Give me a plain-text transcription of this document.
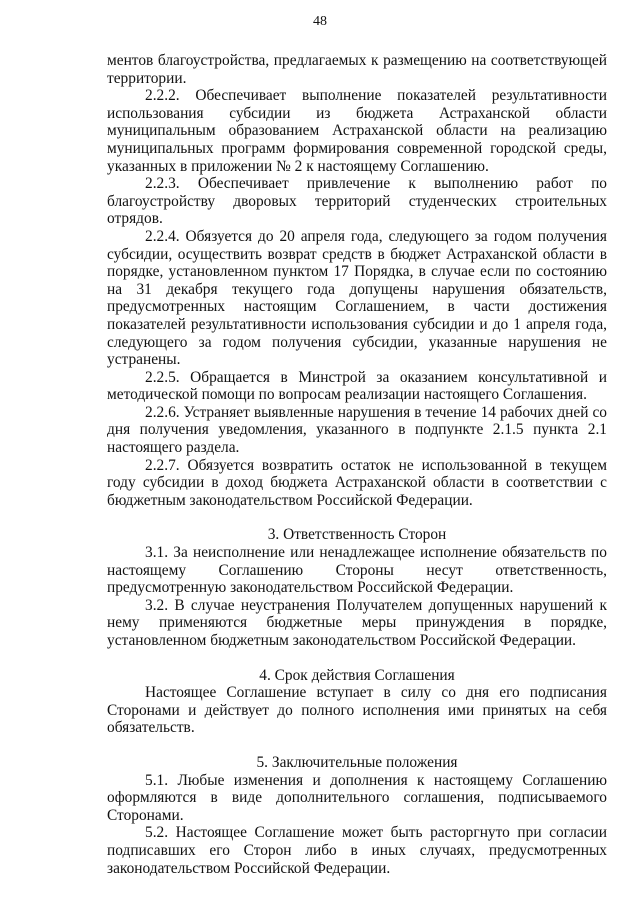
48

ментов благоустройства, предлагаемых к размещению на соответствующей территории.

2.2.2. Обеспечивает выполнение показателей результативности использования субсидии из бюджета Астраханской области муниципальным образованием Астраханской области на реализацию муниципальных программ формирования современной городской среды, указанных в приложении № 2 к настоящему Соглашению.

2.2.3. Обеспечивает привлечение к выполнению работ по благоустройству дворовых территорий студенческих строительных отрядов.

2.2.4. Обязуется до 20 апреля года, следующего за годом получения субсидии, осуществить возврат средств в бюджет Астраханской области в порядке, установленном пунктом 17 Порядка, в случае если по состоянию на 31 декабря текущего года допущены нарушения обязательств, предусмотренных настоящим Соглашением, в части достижения показателей результативности использования субсидии и до 1 апреля года, следующего за годом получения субсидии, указанные нарушения не устранены.

2.2.5. Обращается в Минстрой за оказанием консультативной и методической помощи по вопросам реализации настоящего Соглашения.

2.2.6. Устраняет выявленные нарушения в течение 14 рабочих дней со дня получения уведомления, указанного в подпункте 2.1.5 пункта 2.1 настоящего раздела.

2.2.7. Обязуется возвратить остаток не использованной в текущем году субсидии в доход бюджета Астраханской области в соответствии с бюджетным законодательством Российской Федерации.

3. Ответственность Сторон

3.1. За неисполнение или ненадлежащее исполнение обязательств по настоящему Соглашению Стороны несут ответственность, предусмотренную законодательством Российской Федерации.

3.2. В случае неустранения Получателем допущенных нарушений к нему применяются бюджетные меры принуждения в порядке, установленном бюджетным законодательством Российской Федерации.

4. Срок действия Соглашения

Настоящее Соглашение вступает в силу со дня его подписания Сторонами и действует до полного исполнения ими принятых на себя обязательств.

5. Заключительные положения

5.1. Любые изменения и дополнения к настоящему Соглашению оформляются в виде дополнительного соглашения, подписываемого Сторонами.

5.2. Настоящее Соглашение может быть расторгнуто при согласии подписавших его Сторон либо в иных случаях, предусмотренных законодательством Российской Федерации.
